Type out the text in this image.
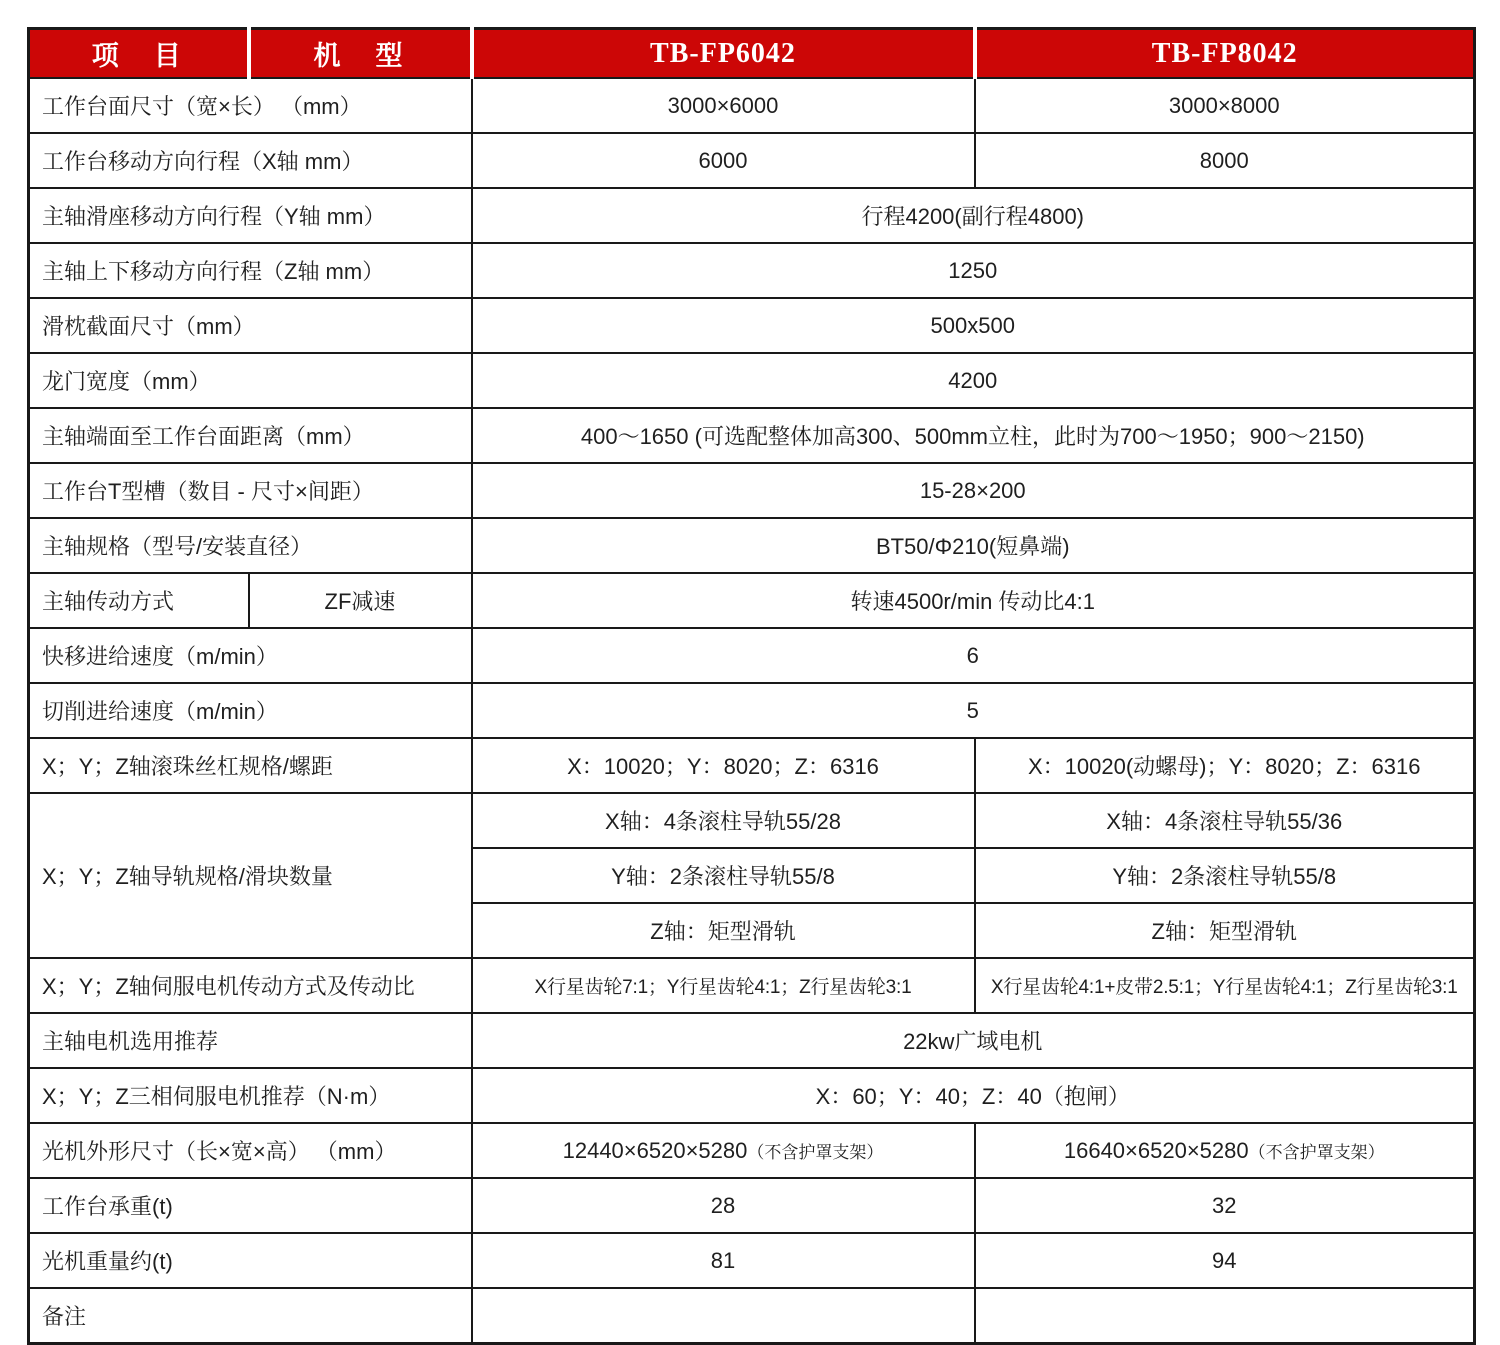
项　目	机　型	TB-FP6042	TB-FP8042
工作台面尺寸（宽×长） （mm）		3000×6000	3000×8000
工作台移动方向行程（X轴 mm）		6000	8000
主轴滑座移动方向行程（Y轴 mm）		行程4200(副行程4800)	
主轴上下移动方向行程（Z轴 mm）		1250	
滑枕截面尺寸（mm）		500x500	
龙门宽度（mm）		4200	
主轴端面至工作台面距离（mm）		400～1650 (可选配整体加高300、500mm立柱，此时为700～1950；900～2150)	
工作台T型槽（数目 - 尺寸×间距）		15-28×200	
主轴规格（型号/安装直径）		BT50/Φ210(短鼻端)	
主轴传动方式	ZF减速	转速4500r/min 传动比4:1	
快移进给速度（m/min）		6	
切削进给速度（m/min）		5	
X；Y；Z轴滚珠丝杠规格/螺距		X：10020；Y：8020；Z：6316	X：10020(动螺母)；Y：8020；Z：6316
X；Y；Z轴导轨规格/滑块数量		X轴：4条滚柱导轨55/28	X轴：4条滚柱导轨55/36
		Y轴：2条滚柱导轨55/8	Y轴：2条滚柱导轨55/8
		Z轴：矩型滑轨	Z轴：矩型滑轨
X；Y；Z轴伺服电机传动方式及传动比		X行星齿轮7:1；Y行星齿轮4:1；Z行星齿轮3:1	X行星齿轮4:1+皮带2.5:1；Y行星齿轮4:1；Z行星齿轮3:1
主轴电机选用推荐		22kw广域电机	
X；Y；Z三相伺服电机推荐（N·m）		X：60；Y：40；Z：40（抱闸）	
光机外形尺寸（长×宽×高） （mm）		12440×6520×5280（不含护罩支架）	16640×6520×5280（不含护罩支架）
工作台承重(t)		28	32
光机重量约(t)		81	94
备注			
